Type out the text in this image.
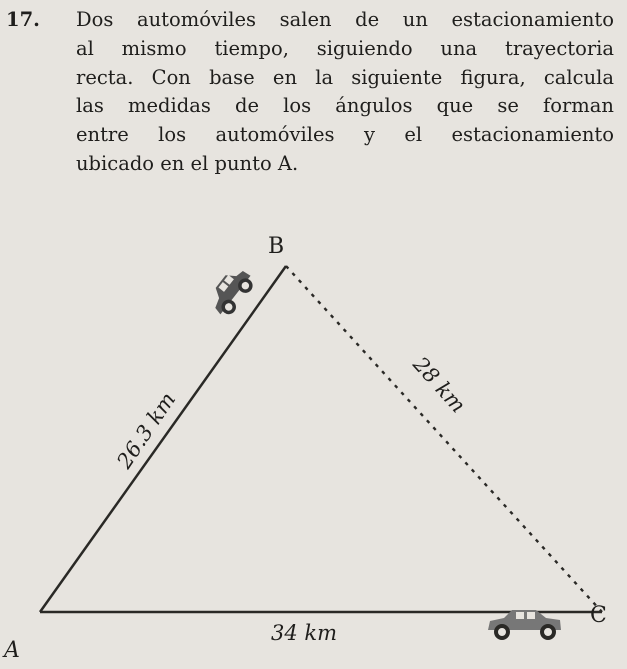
17.	Dos automóviles salen de un estacionamiento
al mismo tiempo, siguiendo una trayectoria
recta. Con base en la siguiente figura, calcula
las medidas de los ángulos que se forman
entre los automóviles y el estacionamiento
ubicado en el punto A.
B
C
A
26.3 km
28 km
34 km
